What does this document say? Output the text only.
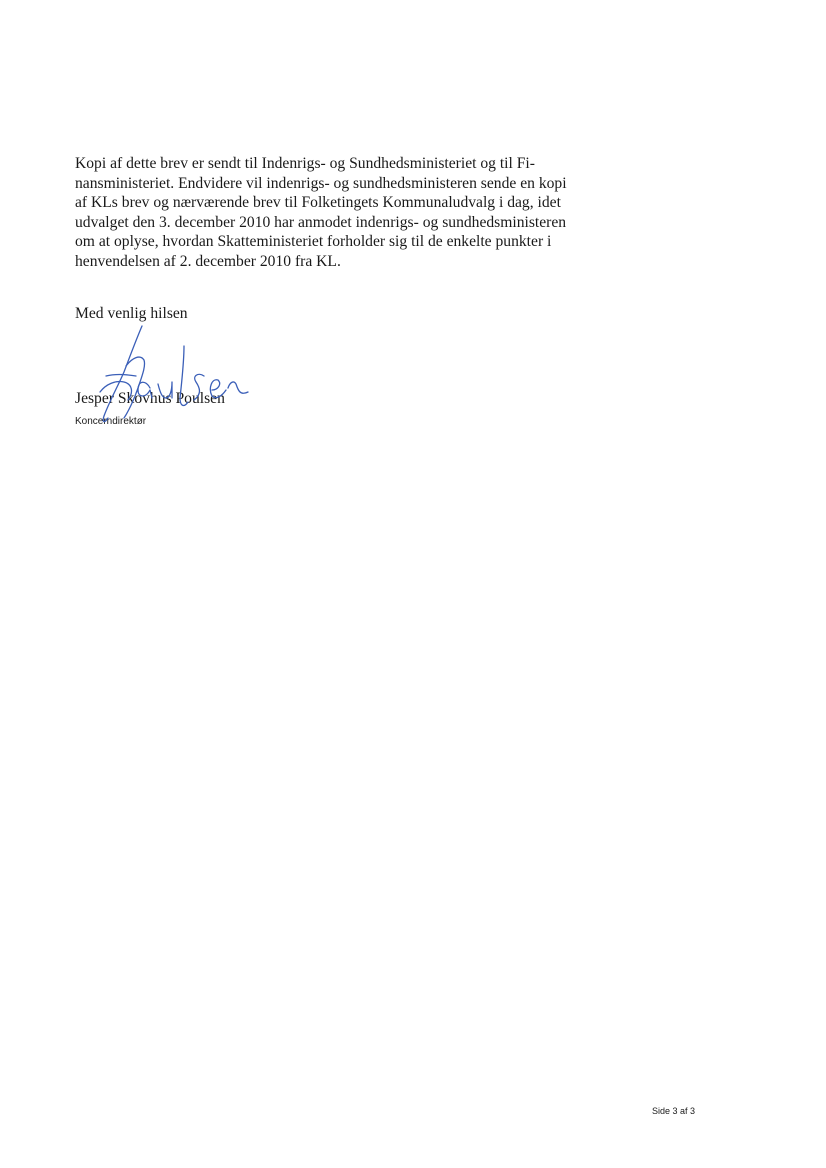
Kopi af dette brev er sendt til Indenrigs- og Sundhedsministeriet og til Fi-
nansministeriet. Endvidere vil indenrigs- og sundhedsministeren sende en kopi
af KLs brev og nærværende brev til Folketingets Kommunaludvalg i dag, idet
udvalget den 3. december 2010 har anmodet indenrigs- og sundhedsministeren
om at oplyse, hvordan Skatteministeriet forholder sig til de enkelte punkter i
henvendelsen af 2. december 2010 fra KL.
Med venlig hilsen
Jesper Skovhus Poulsen
Koncerndirektør
Side 3 af 3
